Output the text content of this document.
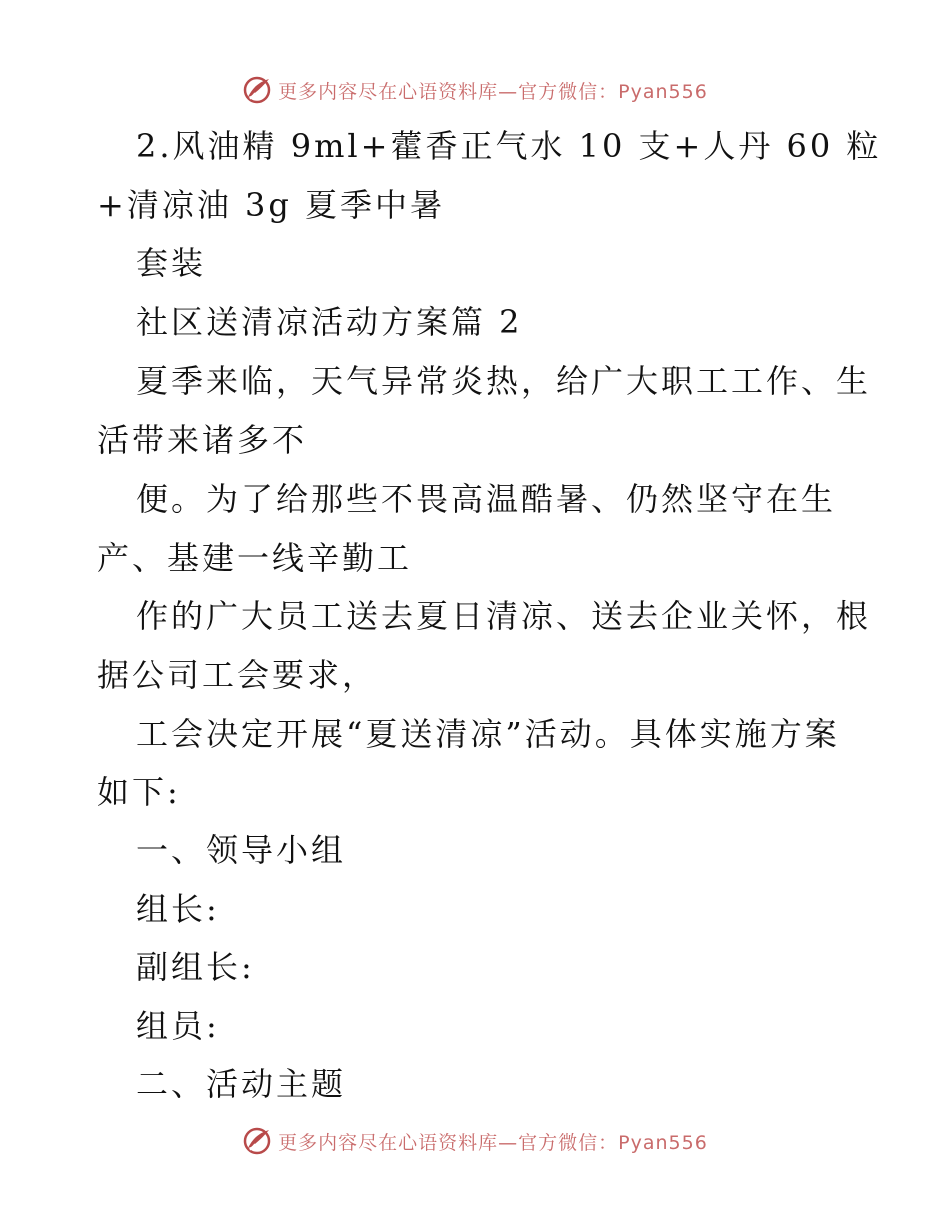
更多内容尽在心语资料库—官方微信：Pyan556
2.风油精 9ml+藿香正气水 10 支+人丹 60 粒
+清凉油 3g 夏季中暑
套装
社区送清凉活动方案篇 2
夏季来临，天气异常炎热，给广大职工工作、生
活带来诸多不
便。为了给那些不畏高温酷暑、仍然坚守在生
产、基建一线辛勤工
作的广大员工送去夏日清凉、送去企业关怀，根
据公司工会要求，
工会决定开展“夏送清凉”活动。具体实施方案
如下:
一、领导小组
组长:
副组长:
组员:
二、活动主题
更多内容尽在心语资料库—官方微信：Pyan556
